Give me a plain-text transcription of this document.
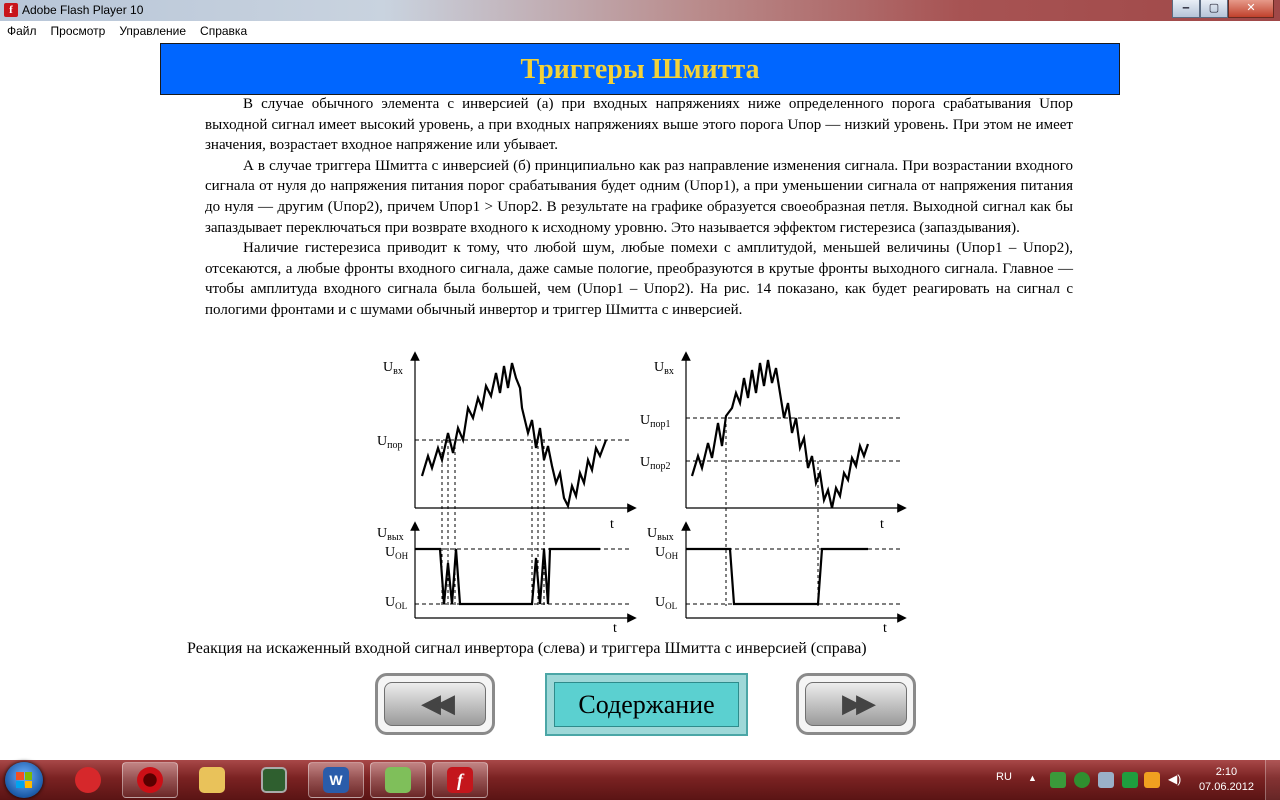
f Adobe Flash Player 10	‒	▢	✕
Файл	Просмотр	Управление	Справка
Триггеры Шмитта

В случае обычного элемента с инверсией (а) при входных напряжениях ниже определенного порога срабатывания Uпор выходной сигнал имеет высокий уровень, а при входных напряжениях выше этого порога Uпор — низкий уровень. При этом не имеет значения, возрастает входное напряжение или убывает.

А в случае триггера Шмитта с инверсией (б) принципиально как раз направление изменения сигнала. При возрастании входного сигнала от нуля до напряжения питания порог срабатывания будет одним (Uпор1), а при уменьшении сигнала от напряжения питания до нуля — другим (Uпор2), причем Uпор1 > Uпор2. В результате на графике образуется своеобразная петля. Выходной сигнал как бы запаздывает переключаться при возврате входного к исходному уровню. Это называется эффектом гистерезиса (запаздывания).

Наличие гистерезиса приводит к тому, что любой шум, любые помехи с амплитудой, меньшей величины (Uпор1 – Uпор2), отсекаются, а любые фронты входного сигнала, даже самые пологие, преобразуются в крутые фронты выходного сигнала. Главное — чтобы амплитуда входного сигнала была большей, чем (Uпор1 – Uпор2). На рис. 14 показано, как будет реагировать на сигнал с пологими фронтами и с шумами обычный инвертор и триггер Шмитта с инверсией.

$U_{вх}$
$U_{пор}$
t
$U_{вых}$
$U_{OH}$
$U_{OL}$
t
$U_{вх}$
$U_{пор1}$
$U_{пор2}$
t
$U_{вых}$
$U_{OH}$
$U_{OL}$
t
Реакция на искаженный входной сигнал инвертора (слева) и триггера Шмитта с инверсией (справа)
◀◀	Содержание	▶▶
W	f	RU ▲	◀)	2:10
07.06.2012
